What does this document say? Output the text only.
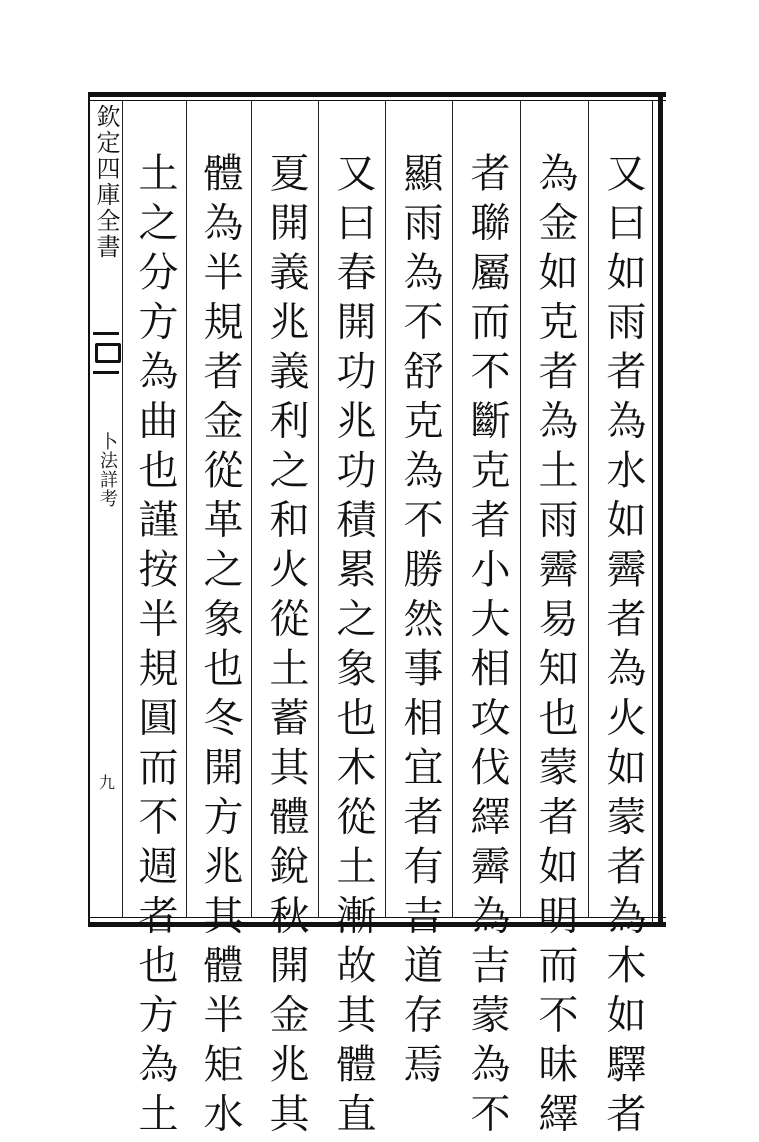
欽定四庫全書
卜法詳考
九	又曰如雨者為水如霽者為火如蒙者為木如驛者
為金如克者為土雨霽易知也蒙者如明而不昧繹
者聯屬而不斷克者小大相攻伐繹霽為吉蒙為不
顯雨為不舒克為不勝然事相宜者有吉道存焉
又曰春開功兆功積累之象也木從土漸故其體直
夏開義兆義利之和火從土蓄其體銳秋開金兆其
體為半規者金從革之象也冬開方兆其體半矩水
土之分方為曲也謹按半規圓而不週者也方為土
